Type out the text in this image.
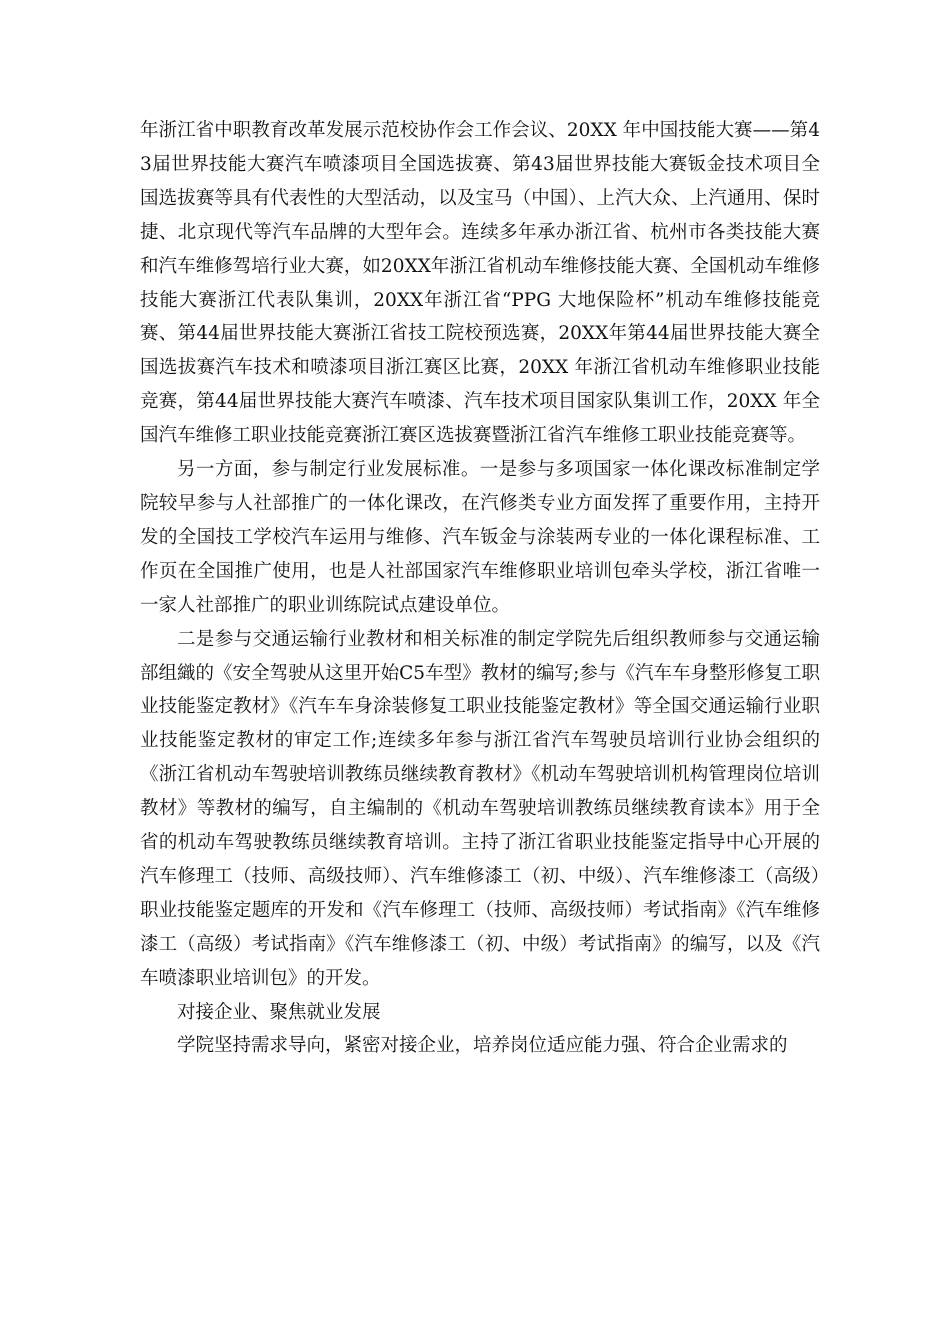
年浙江省中职教育改革发展示范校协作会工作会议、20XX 年中国技能大赛——第43届世界技能大赛汽车喷漆项目全国选拔赛、第43届世界技能大赛钣金技术项目全国选拔赛等具有代表性的大型活动，以及宝马（中国）、上汽大众、上汽通用、保时捷、北京现代等汽车品牌的大型年会。连续多年承办浙江省、杭州市各类技能大赛和汽车维修驾培行业大赛，如20XX年浙江省机动车维修技能大赛、全国机动车维修技能大赛浙江代表队集训，20XX年浙江省“PPG 大地保险杯”机动车维修技能竞赛、第44届世界技能大赛浙江省技工院校预选赛，20XX年第44届世界技能大赛全国选拔赛汽车技术和喷漆项目浙江赛区比赛，20XX 年浙江省机动车维修职业技能竞赛，第44届世界技能大赛汽车喷漆、汽车技术项目国家队集训工作，20XX 年全国汽车维修工职业技能竞赛浙江赛区选拔赛暨浙江省汽车维修工职业技能竞赛等。

另一方面，参与制定行业发展标准。一是参与多项国家一体化课改标准制定学院较早参与人社部推广的一体化课改，在汽修类专业方面发挥了重要作用，主持开发的全国技工学校汽车运用与维修、汽车钣金与涂装两专业的一体化课程标准、工作页在全国推广使用，也是人社部国家汽车维修职业培训包牵头学校，浙江省唯一一家人社部推广的职业训练院试点建设单位。

二是参与交通运输行业教材和相关标准的制定学院先后组织教师参与交通运输部组織的《安全驾驶从这里开始C5车型》教材的编写;参与《汽车车身整形修复工职业技能鉴定教材》《汽车车身涂装修复工职业技能鉴定教材》等全国交通运输行业职业技能鉴定教材的审定工作;连续多年参与浙江省汽车驾驶员培训行业协会组织的《浙江省机动车驾驶培训教练员继续教育教材》《机动车驾驶培训机构管理岗位培训教材》等教材的编写，自主编制的《机动车驾驶培训教练员继续教育读本》用于全省的机动车驾驶教练员继续教育培训。主持了浙江省职业技能鉴定指导中心开展的汽车修理工（技师、高级技师）、汽车维修漆工（初、中级）、汽车维修漆工（高级）职业技能鉴定题库的开发和《汽车修理工（技师、高级技师）考试指南》《汽车维修漆工（高级）考试指南》《汽车维修漆工（初、中级）考试指南》的编写，以及《汽车喷漆职业培训包》的开发。

对接企业、聚焦就业发展

学院坚持需求导向，紧密对接企业，培养岗位适应能力强、符合企业需求的
